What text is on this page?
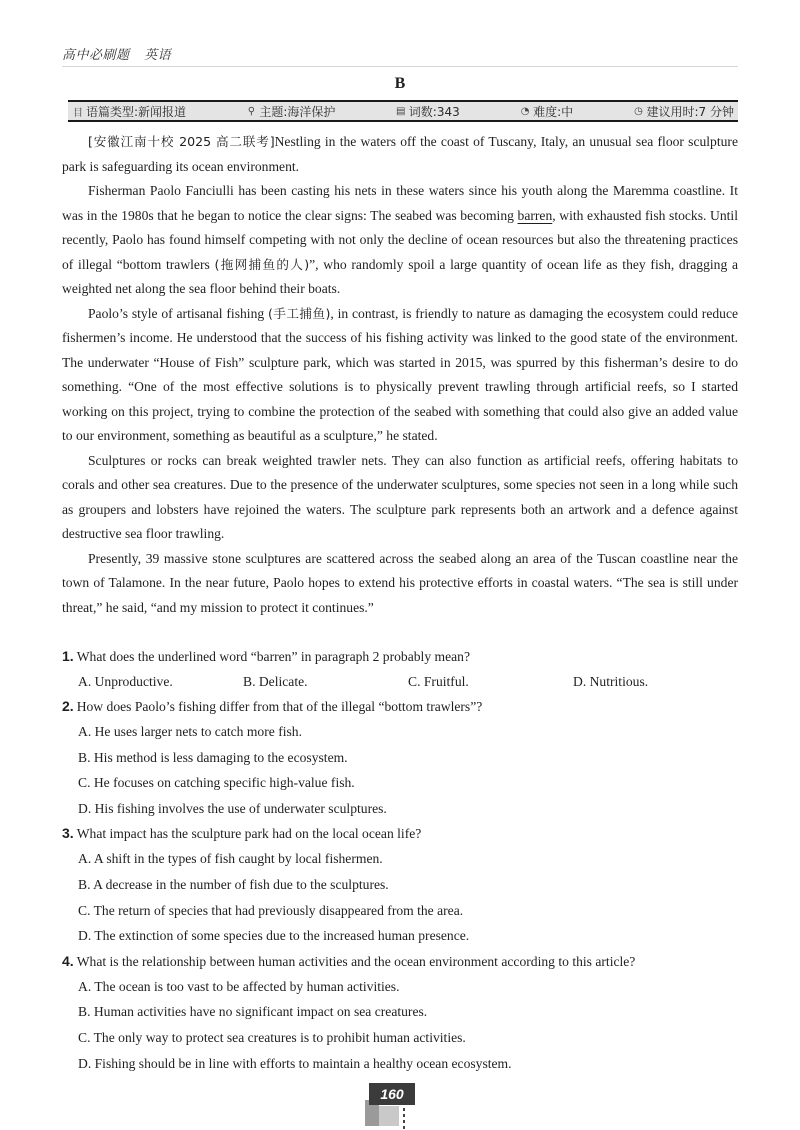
高中必刷题 英语
B
目 语篇类型:新闻报道	⚲ 主题:海洋保护	▤ 词数:343	◔ 难度:中	◷ 建议用时:7 分钟

[安徽江南十校 2025 高二联考]Nestling in the waters off the coast of Tuscany, Italy, an unusual sea floor sculpture park is safeguarding its ocean environment.

Fisherman Paolo Fanciulli has been casting his nets in these waters since his youth along the Maremma coastline. It was in the 1980s that he began to notice the clear signs: The seabed was becoming barren, with exhausted fish stocks. Until recently, Paolo has found himself competing with not only the decline of ocean resources but also the threatening practices of illegal “bottom trawlers (拖网捕鱼的人)”, who randomly spoil a large quantity of ocean life as they fish, dragging a weighted net along the sea floor behind their boats.

Paolo’s style of artisanal fishing (手工捕鱼), in contrast, is friendly to nature as damaging the ecosystem could reduce fishermen’s income. He understood that the success of his fishing activity was linked to the good state of the environment. The underwater “House of Fish” sculpture park, which was started in 2015, was spurred by this fisherman’s desire to do something. “One of the most effective solutions is to physically prevent trawling through artificial reefs, so I started working on this project, trying to combine the protection of the seabed with something that could also give an added value to our environment, something as beautiful as a sculpture,” he stated.

Sculptures or rocks can break weighted trawler nets. They can also function as artificial reefs, offering habitats to corals and other sea creatures. Due to the presence of the underwater sculptures, some species not seen in a long while such as groupers and lobsters have rejoined the waters. The sculpture park represents both an artwork and a defence against destructive sea floor trawling.

Presently, 39 massive stone sculptures are scattered across the seabed along an area of the Tuscan coastline near the town of Talamone. In the near future, Paolo hopes to extend his protective efforts in coastal waters. “The sea is still under threat,” he said, “and my mission to protect it continues.”

1. What does the underlined word “barren” in paragraph 2 probably mean?
A. Unproductive.	B. Delicate.	C. Fruitful.	D. Nutritious.
2. How does Paolo’s fishing differ from that of the illegal “bottom trawlers”?
A. He uses larger nets to catch more fish.
B. His method is less damaging to the ecosystem.
C. He focuses on catching specific high-value fish.
D. His fishing involves the use of underwater sculptures.
3. What impact has the sculpture park had on the local ocean life?
A. A shift in the types of fish caught by local fishermen.
B. A decrease in the number of fish due to the sculptures.
C. The return of species that had previously disappeared from the area.
D. The extinction of some species due to the increased human presence.
4. What is the relationship between human activities and the ocean environment according to this article?
A. The ocean is too vast to be affected by human activities.
B. Human activities have no significant impact on sea creatures.
C. The only way to protect sea creatures is to prohibit human activities.
D. Fishing should be in line with efforts to maintain a healthy ocean ecosystem.
160
